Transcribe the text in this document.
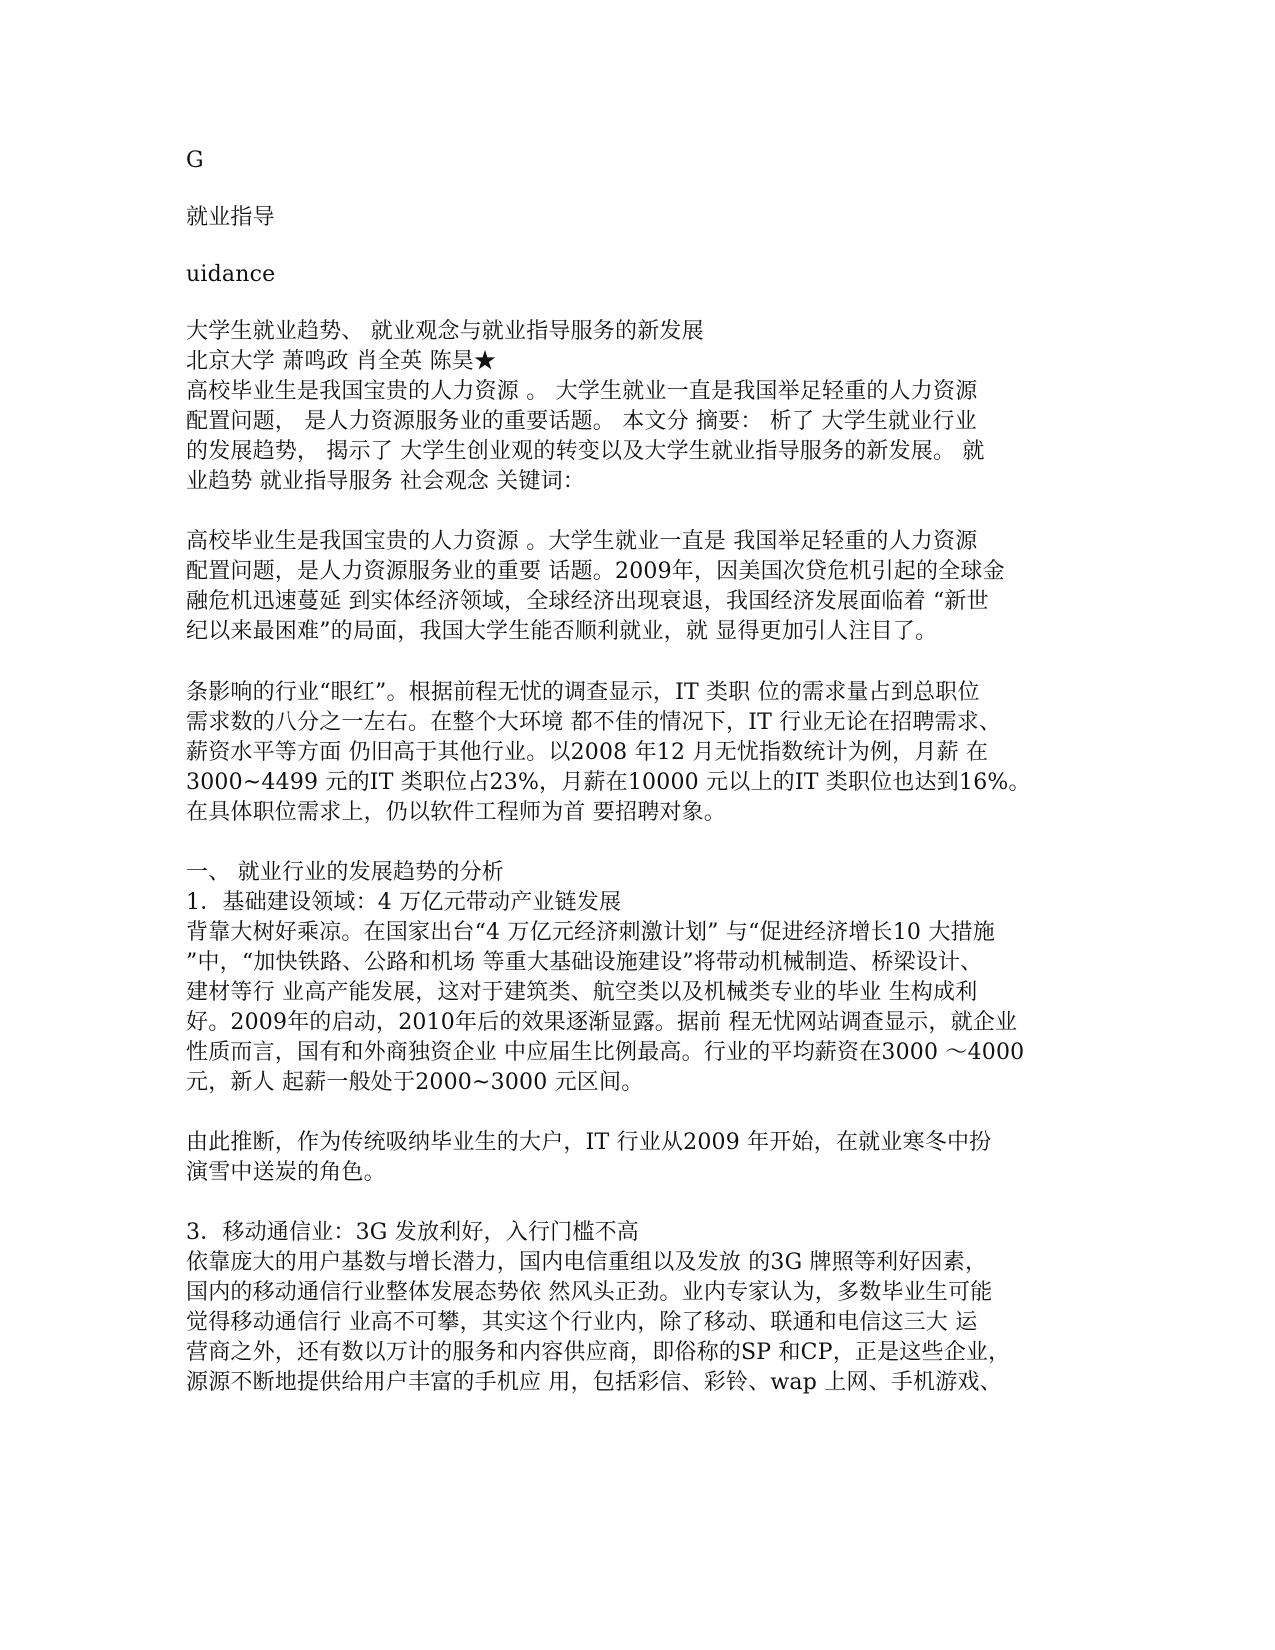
G
就业指导
uidance
大学生就业趋势、 就业观念与就业指导服务的新发展
北京大学 萧鸣政 肖全英 陈昊★
高校毕业生是我国宝贵的人力资源 。 大学生就业一直是我国举足轻重的人力资源
配置问题， 是人力资源服务业的重要话题。 本文分 摘要： 析了 大学生就业行业
的发展趋势， 揭示了 大学生创业观的转变以及大学生就业指导服务的新发展。 就
业趋势 就业指导服务 社会观念 关键词：
高校毕业生是我国宝贵的人力资源 。大学生就业一直是 我国举足轻重的人力资源
配置问题，是人力资源服务业的重要 话题。2009年，因美国次贷危机引起的全球金
融危机迅速蔓延 到实体经济领域，全球经济出现衰退，我国经济发展面临着 “新世
纪以来最困难”的局面，我国大学生能否顺利就业，就 显得更加引人注目了。
条影响的行业“眼红”。根据前程无忧的调查显示，IT 类职 位的需求量占到总职位
需求数的八分之一左右。在整个大环境 都不佳的情况下，IT 行业无论在招聘需求、
薪资水平等方面 仍旧高于其他行业。以2008 年12 月无忧指数统计为例，月薪 在
3000~4499 元的IT 类职位占23%，月薪在10000 元以上的IT 类职位也达到16%。
在具体职位需求上，仍以软件工程师为首 要招聘对象。
一、 就业行业的发展趋势的分析
1．基础建设领域：4 万亿元带动产业链发展
背靠大树好乘凉。在国家出台“4 万亿元经济刺激计划” 与“促进经济增长10 大措施
”中，“加快铁路、公路和机场 等重大基础设施建设”将带动机械制造、桥梁设计、
建材等行 业高产能发展，这对于建筑类、航空类以及机械类专业的毕业 生构成利
好。2009年的启动，2010年后的效果逐渐显露。据前 程无忧网站调查显示，就企业
性质而言，国有和外商独资企业 中应届生比例最高。行业的平均薪资在3000 ～4000
元，新人 起薪一般处于2000~3000 元区间。
由此推断，作为传统吸纳毕业生的大户，IT 行业从2009 年开始，在就业寒冬中扮
演雪中送炭的角色。
3．移动通信业：3G 发放利好，入行门槛不高
依靠庞大的用户基数与增长潜力，国内电信重组以及发放 的3G 牌照等利好因素，
国内的移动通信行业整体发展态势依 然风头正劲。业内专家认为，多数毕业生可能
觉得移动通信行 业高不可攀，其实这个行业内，除了移动、联通和电信这三大 运
营商之外，还有数以万计的服务和内容供应商，即俗称的SP 和CP，正是这些企业，
源源不断地提供给用户丰富的手机应 用，包括彩信、彩铃、wap 上网、手机游戏、
